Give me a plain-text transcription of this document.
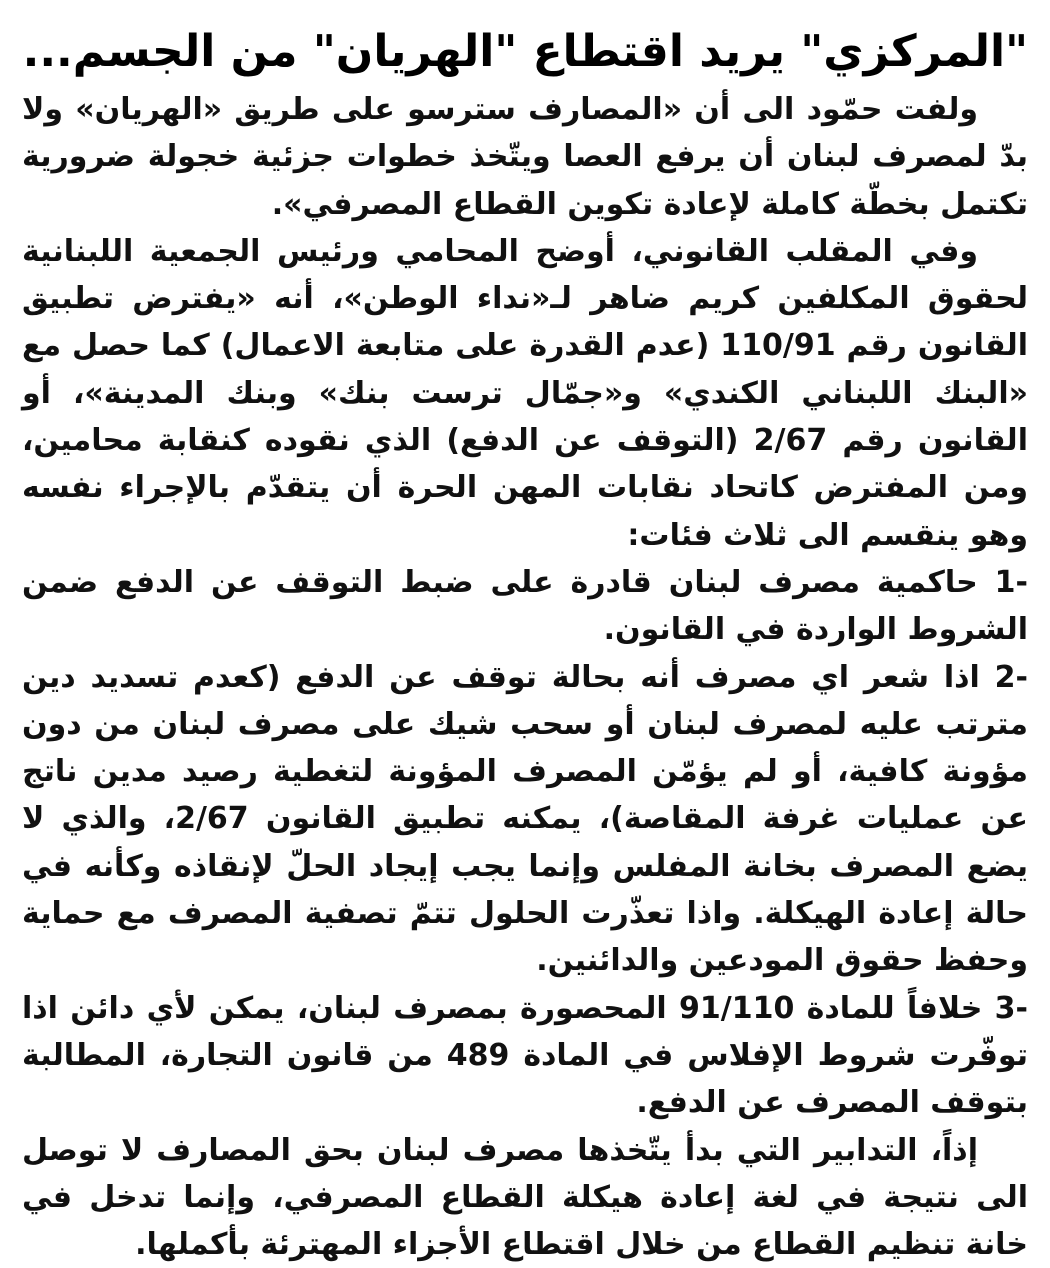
"المركزي" يريد اقتطاع "الهريان" من الجسم...

ولفت حمّود الى أن «المصارف سترسو على طريق «الهريان» ولا بدّ لمصرف لبنان أن يرفع العصا ويتّخذ خطوات جزئية خجولة ضرورية تكتمل بخطّة كاملة لإعادة تكوين القطاع المصرفي».

وفي المقلب القانوني، أوضح المحامي ورئيس الجمعية اللبنانية لحقوق المكلفين كريم ضاهر لـ«نداء الوطن»، أنه «يفترض تطبيق القانون رقم 110/91 (عدم القدرة على متابعة الاعمال) كما حصل مع «البنك اللبناني الكندي» و«جمّال ترست بنك» وبنك المدينة»، أو القانون رقم 2/67 (التوقف عن الدفع) الذي نقوده كنقابة محامين، ومن المفترض كاتحاد نقابات المهن الحرة أن يتقدّم بالإجراء نفسه وهو ينقسم الى ثلاث فئات:

-1 حاكمية مصرف لبنان قادرة على ضبط التوقف عن الدفع ضمن الشروط الواردة في القانون.

-2 اذا شعر اي مصرف أنه بحالة توقف عن الدفع (كعدم تسديد دين مترتب عليه لمصرف لبنان أو سحب شيك على مصرف لبنان من دون مؤونة كافية، أو لم يؤمّن المصرف المؤونة لتغطية رصيد مدين ناتج عن عمليات غرفة المقاصة)، يمكنه تطبيق القانون 2/67، والذي لا يضع المصرف بخانة المفلس وإنما يجب إيجاد الحلّ لإنقاذه وكأنه في حالة إعادة الهيكلة. واذا تعذّرت الحلول تتمّ تصفية المصرف مع حماية وحفظ حقوق المودعين والدائنين.

-3 خلافاً للمادة 91/110 المحصورة بمصرف لبنان، يمكن لأي دائن اذا توفّرت شروط الإفلاس في المادة 489 من قانون التجارة، المطالبة بتوقف المصرف عن الدفع.

إذاً، التدابير التي بدأ يتّخذها مصرف لبنان بحق المصارف لا توصل الى نتيجة في لغة إعادة هيكلة القطاع المصرفي، وإنما تدخل في خانة تنظيم القطاع من خلال اقتطاع الأجزاء المهترئة بأكملها.
